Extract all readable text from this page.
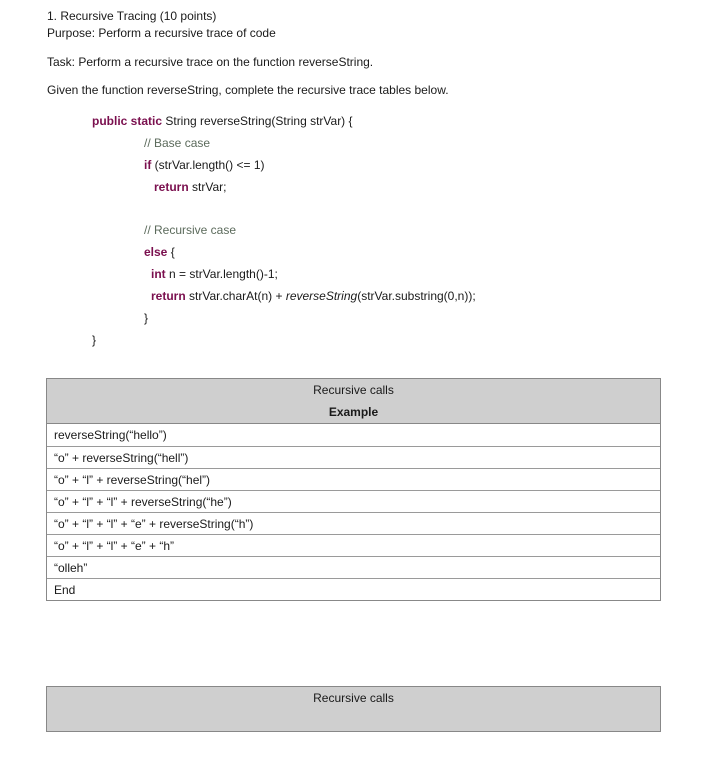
1. Recursive Tracing (10 points)
Purpose: Perform a recursive trace of code
Task: Perform a recursive trace on the function reverseString.
Given the function reverseString, complete the recursive trace tables below.
public static String reverseString(String strVar) {
// Base case
if (strVar.length() <= 1)
return strVar;
// Recursive case
else {
int n = strVar.length()-1;
return strVar.charAt(n) + reverseString(strVar.substring(0,n));
}
}
Recursive calls
Example
reverseString(“hello”)
“o” + reverseString(“hell”)
“o” + “l” + reverseString(“hel”)
“o” + “l” + “l” + reverseString(“he”)
“o” + “l” + “l” + “e” + reverseString(“h”)
“o” + “l” + “l” + “e” + “h”
“olleh”
End
Recursive calls
